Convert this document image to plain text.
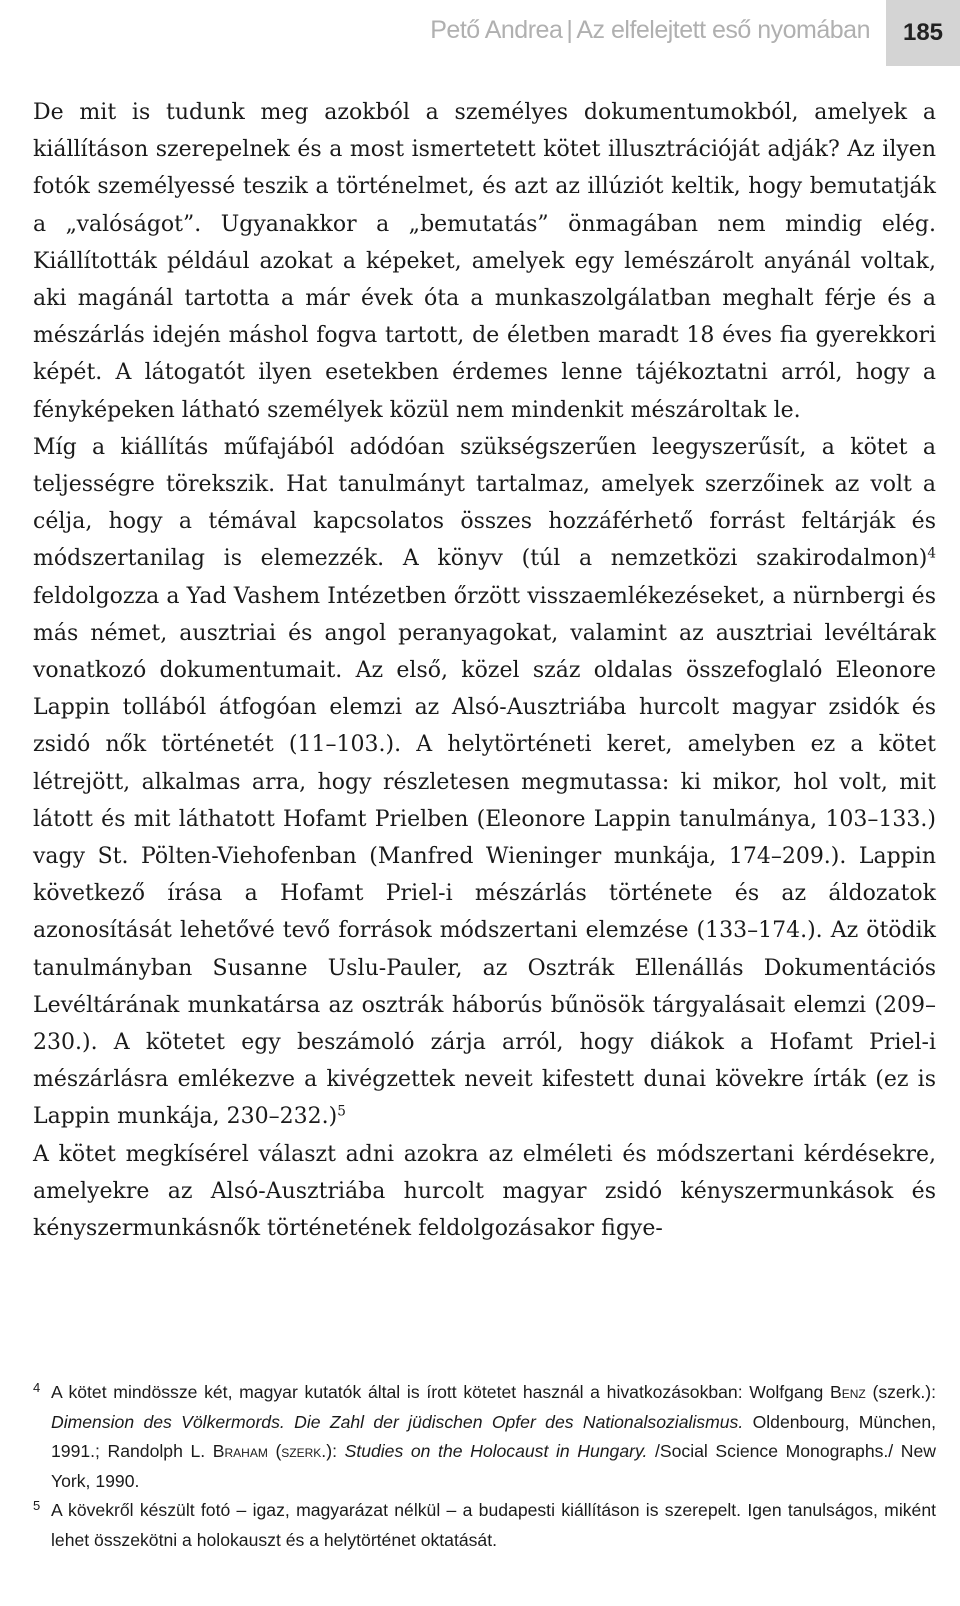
Pető Andrea | Az elfelejtett eső nyomában	185

De mit is tudunk meg azokból a személyes dokumentumokból, amelyek a kiállításon szerepelnek és a most ismertetett kötet illusztrációját adják? Az ilyen fotók személyessé teszik a történelmet, és azt az illúziót keltik, hogy bemutatják a „valóságot”. Ugyanakkor a „bemutatás” önmagában nem mindig elég. Kiállították például azokat a képeket, amelyek egy lemészárolt anyánál voltak, aki magánál tartotta a már évek óta a munkaszolgálatban meghalt férje és a mészárlás idején máshol fogva tartott, de életben maradt 18 éves fia gyerekkori képét. A látogatót ilyen esetekben érdemes lenne tájékoztatni arról, hogy a fényképeken látható személyek közül nem mindenkit mészároltak le.

Míg a kiállítás műfajából adódóan szükségszerűen leegyszerűsít, a kötet a teljességre törekszik. Hat tanulmányt tartalmaz, amelyek szerzőinek az volt a célja, hogy a témával kapcsolatos összes hozzáférhető forrást feltárják és módszertanilag is elemezzék. A könyv (túl a nemzetközi szakirodalmon)$^4$ feldolgozza a Yad Vashem Intézetben őrzött visszaemlékezéseket, a nürnbergi és más német, ausztriai és angol peranyagokat, valamint az ausztriai levéltárak vonatkozó dokumentumait. Az első, közel száz oldalas összefoglaló Eleonore Lappin tollából átfogóan elemzi az Alsó-Ausztriába hurcolt magyar zsidók és zsidó nők történetét (11–103.). A helytörténeti keret, amelyben ez a kötet létrejött, alkalmas arra, hogy részletesen megmutassa: ki mikor, hol volt, mit látott és mit láthatott Hofamt Prielben (Eleonore Lappin tanulmánya, 103–133.) vagy St. Pölten-Viehofenban (Manfred Wieninger munkája, 174–209.). Lappin következő írása a Hofamt Priel-i mészárlás története és az áldozatok azonosítását lehetővé tevő források módszertani elemzése (133–174.). Az ötödik tanulmányban Susanne Uslu-Pauler, az Osztrák Ellenállás Dokumentációs Levéltárának munkatársa az osztrák háborús bűnösök tárgyalásait elemzi (209–230.). A kötetet egy beszámoló zárja arról, hogy diákok a Hofamt Priel-i mészárlásra emlékezve a kivégzettek neveit kifestett dunai kövekre írták (ez is Lappin munkája, 230–232.)$^5$

A kötet megkísérel választ adni azokra az elméleti és módszertani kérdésekre, amelyekre az Alsó-Ausztriába hurcolt magyar zsidó kényszermunkások és kényszermunkásnők történetének feldolgozásakor figye-

4 A kötet mindössze két, magyar kutatók által is írott kötetet használ a hivatkozásokban: Wolfgang Benz (szerk.): Dimension des Völkermords. Die Zahl der jüdischen Opfer des Nationalsozialismus. Oldenbourg, München, 1991.; Randolph L. Braham (szerk.): Studies on the Holocaust in Hungary. /Social Science Monographs./ New York, 1990.

5 A kövekről készült fotó – igaz, magyarázat nélkül – a budapesti kiállításon is szerepelt. Igen tanulságos, miként lehet összekötni a holokauszt és a helytörténet oktatását.
